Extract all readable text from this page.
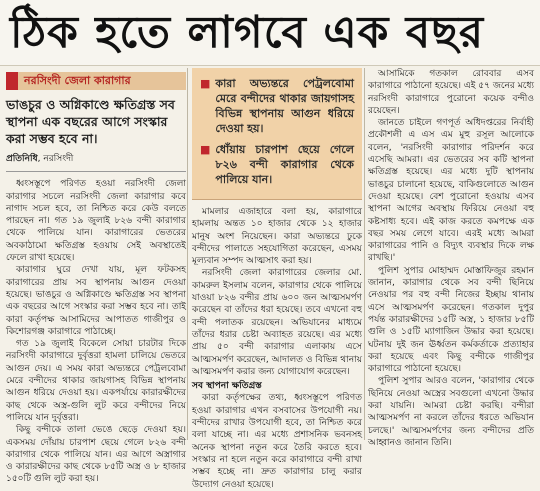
ঠিক হতে লাগবে এক বছর
নরসিংদী জেলা কারাগার
ভাঙচুর ও অগ্নিকাণ্ডে ক্ষতিগ্রস্ত সব স্থাপনা এক বছরের আগে সংস্কার করা সম্ভব হবে না।
প্রতিনিধি, নরসিংদী

ধ্বংসস্তূপে পরিণত হওয়া নরসিংদী জেলা কারাগার সচলে নরসিংদী জেলা কারাগার কবে নাগাদ সচল হবে, তা নিশ্চিত করে কেউ বলতে পারছেন না। গত ১৯ জুলাই ৮২৬ বন্দী কারাগার থেকে পালিয়ে যান। কারাগারের ভেতরের অবকাঠামো ক্ষতিগ্রস্ত হওয়ায় সেই অবস্থাতেই ফেলে রাখা হয়েছে।

কারাগার ঘুরে দেখা যায়, মূল ফটকসহ কারাগারের প্রায় সব স্থাপনায় আগুন দেওয়া হয়েছে। ভাঙচুর ও অগ্নিকাণ্ডে ক্ষতিগ্রস্ত সব স্থাপনা এক বছরের আগে সংস্কার করা সম্ভব হবে না। তাই কারা কর্তৃপক্ষ আসামিদের আপাতত গাজীপুর ও কিশোরগঞ্জ কারাগারে পাঠাচ্ছে।

গত ১৯ জুলাই বিকেলে সোয়া চারটার দিকে নরসিংদী কারাগারে দুর্বৃত্তরা হামলা চালিয়ে ভেতরে আগুন দেয়। এ সময় কারা অভ্যন্তরে পেট্রলবোমা মেরে বন্দীদের থাকার জায়গাসহ বিভিন্ন স্থাপনায় আগুন ধরিয়ে দেওয়া হয়। একপর্যায়ে কারারক্ষীদের কাছ থেকে অস্ত্র-গুলি লুট করে বন্দীদের নিয়ে পালিয়ে যান দুর্বৃত্তরা।

কিছু বন্দীকে তালা ভেঙে ছেড়ে দেওয়া হয়। একসময় দোঁয়ায় চারপাশ ছেয়ে গেলে ৮২৬ বন্দী কারাগার থেকে পালিয়ে যান। এর আগে অস্ত্রাগার ও কারারক্ষীদের কাছ থেকে ৮৫টি অস্ত্র ও ৮ হাজার ১৫০টি গুলি লুট করা হয়।

■ কারা অভ্যন্তরে পেট্রলবোমা মেরে বন্দীদের থাকার জায়গাসহ বিভিন্ন স্থাপনায় আগুন ধরিয়ে দেওয়া হয়।
■ ধোঁয়ায় চারপাশ ছেয়ে গেলে ৮২৬ বন্দী কারাগার থেকে পালিয়ে যান।

মামলার এজাহারে বলা হয়, কারাগারে হামলায় অন্তত ১০ হাজার থেকে ১২ হাজার মানুষ অংশ নিয়েছেন। কারা অভ্যন্তরে ঢুকে বন্দীদের পালাতে সহযোগিতা করেছেন, এসময় মূল্যবান সম্পদ আত্মসাৎ করা হয়।

নরসিংদী জেলা কারাগারের জেলার মো. কামরুল ইসলাম বলেন, কারাগার থেকে পালিয়ে যাওয়া ৮২৬ বন্দীর প্রায় ৬০০ জন আত্মসমর্পণ করেছেন বা তাঁদের ধরা হয়েছে। তবে এখনো বহু বন্দী পলাতক রয়েছেন। অভিযানের মাধ্যমে তাঁদের ধরার চেষ্টা অব্যাহত রয়েছে। এর মধ্যে প্রায় ৫০ বন্দী কারাগার এলাকায় এসে আত্মসমর্পণ করেছেন, আদালত ও বিভিন্ন থানায় আত্মসমর্পণ করার জন্য যোগাযোগ করেছেন।

সব স্থাপনা ক্ষতিগ্রস্ত

কারা কর্তৃপক্ষের তথ্য, ধ্বংসস্তূপে পরিণত হওয়া কারাগার এখন বসবাসের উপযোগী নয়। বন্দীদের রাখার উপযোগী হবে, তা নিশ্চিত করে বলা যাচ্ছে না। এর মধ্যে প্রশাসনিক ভবনসহ অনেক স্থাপনা নতুন করে তৈরি করতে হবে। সংস্কার না হলে নতুন করে কারাগারে বন্দী রাখা সম্ভব হচ্ছে না। দ্রুত কারাগার চালু করার উদ্যোগ নেওয়া হয়েছে।

আসামিকে গতকাল রোববার এসব কারাগারে পাঠানো হয়েছে। এই ৫৭ জনের মধ্যে নরসিংদী কারাগারে পুরোনো কয়েক বন্দীও রয়েছেন।

জানতে চাইলে গণপূর্ত অধিদপ্তরের নির্বাহী প্রকৌশলী এ এস এম মুহু রসূল আলোকে বলেন, 'নরসিংদী কারাগার পরিদর্শন করে এসেছি আমরা। এর ভেতরের সব কটি স্থাপনা ক্ষতিগ্রস্ত হয়েছে। এর মধ্যে দুটি স্থাপনায় ভাঙচুর চালানো হয়েছে, বাকিগুলোতে আগুন দেওয়া হয়েছে। বেশ পুরোনো হওয়ায় এসব স্থাপনা আগের অবস্থায় ফিরিয়ে নেওয়া বহু কষ্টসাধ্য হবে। এই কাজ করতে কমপক্ষে এক বছর সময় লেগে যাবে। এরই মধ্যে আমরা কারাগারের পানি ও বিদ্যুৎ ব্যবস্থার দিকে লক্ষ রাখছি।'

পুলিশ সুপার মোহাম্মদ মোস্তাফিজুর রহমান জানান, কারাগার থেকে সব বন্দী ছিনিয়ে নেওয়ার পর বহু বন্দী নিজের ইচ্ছায় থানায় এসে আত্মসমর্পণ করেছেন। গতকাল দুপুর পর্যন্ত কারারক্ষীদের ১৫টি অস্ত্র, ১ হাজার ৮৫টি গুলি ও ১৫টি ম্যাগাজিন উদ্ধার করা হয়েছে। ঘটনায় দুই জন ঊর্ধ্বতন কর্মকর্তাকে প্রত্যাহার করা হয়েছে এবং কিছু বন্দীকে গাজীপুর কারাগারে পাঠানো হয়েছে।

পুলিশ সুপার আরও বলেন, 'কারাগার থেকে ছিনিয়ে নেওয়া অস্ত্রের সবগুলো এখনো উদ্ধার করা যায়নি। আমরা চেষ্টা করছি। বন্দীরা আত্মসমর্পণ না করলে তাঁদের ধরতে অভিযান চলছে।' আত্মসমর্পণের জন্য বন্দীদের প্রতি আহ্বানও জানান তিনি।
